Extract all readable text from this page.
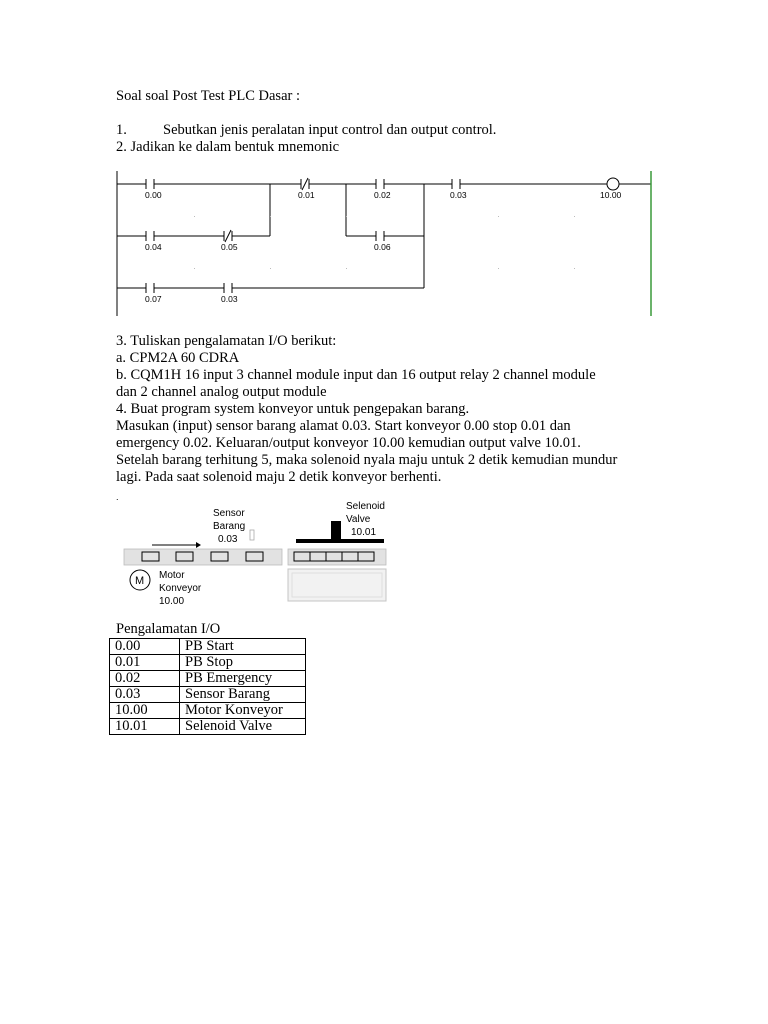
Soal soal Post Test PLC Dasar :
1. Sebutkan jenis peralatan input control dan output control.
2. Jadikan ke dalam bentuk mnemonic
0.00	0.01	0.02	0.03
0.04	0.05	0.06
0.07	0.03
10.00
3. Tuliskan pengalamatan I/O berikut:
a. CPM2A 60 CDRA
b. CQM1H 16 input 3 channel module input dan 16 output relay 2 channel module
dan 2 channel analog output module
4. Buat program system konveyor untuk pengepakan barang.
Masukan (input) sensor barang alamat 0.03. Start konveyor 0.00 stop 0.01 dan
emergency 0.02. Keluaran/output konveyor 10.00 kemudian output valve 10.01.
Setelah barang terhitung 5, maka solenoid nyala maju untuk 2 detik kemudian mundur
lagi. Pada saat solenoid maju 2 detik konveyor berhenti.
.
Sensor
Barang
0.03
Selenoid
Valve
10.01
Motor
Konveyor
10.00
M
Pengalamatan I/O
0.00	PB Start
0.01	PB Stop
0.02	PB Emergency
0.03	Sensor Barang
10.00	Motor Konveyor
10.01	Selenoid Valve
